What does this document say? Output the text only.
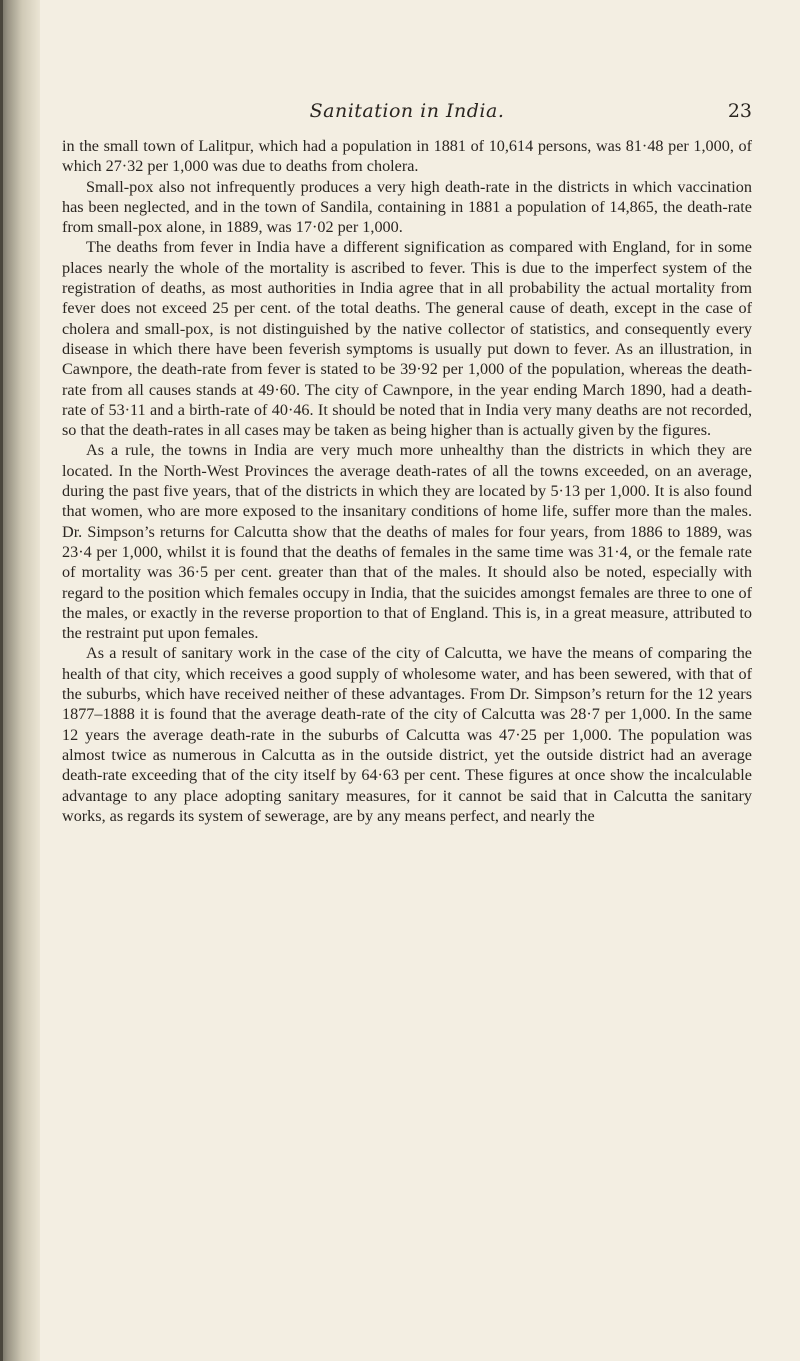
Sanitation in India.	23

in the small town of Lalitpur, which had a population in 1881 of 10,614 persons, was 81·48 per 1,000, of which 27·32 per 1,000 was due to deaths from cholera.

Small-pox also not infrequently produces a very high death-rate in the districts in which vaccination has been neglected, and in the town of Sandila, containing in 1881 a population of 14,865, the death-rate from small-pox alone, in 1889, was 17·02 per 1,000.

The deaths from fever in India have a different signification as compared with England, for in some places nearly the whole of the mortality is ascribed to fever. This is due to the imperfect system of the registration of deaths, as most authorities in India agree that in all probability the actual mortality from fever does not exceed 25 per cent. of the total deaths. The general cause of death, except in the case of cholera and small-pox, is not distinguished by the native collector of statistics, and consequently every disease in which there have been feverish symptoms is usually put down to fever. As an illustration, in Cawnpore, the death-rate from fever is stated to be 39·92 per 1,000 of the population, whereas the death-rate from all causes stands at 49·60. The city of Cawnpore, in the year ending March 1890, had a death-rate of 53·11 and a birth-rate of 40·46. It should be noted that in India very many deaths are not recorded, so that the death-rates in all cases may be taken as being higher than is actually given by the figures.

As a rule, the towns in India are very much more unhealthy than the districts in which they are located. In the North-West Provinces the average death-rates of all the towns exceeded, on an average, during the past five years, that of the districts in which they are located by 5·13 per 1,000. It is also found that women, who are more exposed to the insanitary conditions of home life, suffer more than the males. Dr. Simpson’s returns for Calcutta show that the deaths of males for four years, from 1886 to 1889, was 23·4 per 1,000, whilst it is found that the deaths of females in the same time was 31·4, or the female rate of mortality was 36·5 per cent. greater than that of the males. It should also be noted, especially with regard to the position which females occupy in India, that the suicides amongst females are three to one of the males, or exactly in the reverse proportion to that of England. This is, in a great measure, attributed to the restraint put upon females.

As a result of sanitary work in the case of the city of Calcutta, we have the means of comparing the health of that city, which receives a good supply of wholesome water, and has been sewered, with that of the suburbs, which have received neither of these advantages. From Dr. Simpson’s return for the 12 years 1877–1888 it is found that the average death-rate of the city of Calcutta was 28·7 per 1,000. In the same 12 years the average death-rate in the suburbs of Calcutta was 47·25 per 1,000. The population was almost twice as numerous in Calcutta as in the outside district, yet the outside district had an average death-rate exceeding that of the city itself by 64·63 per cent. These figures at once show the incalculable advantage to any place adopting sanitary measures, for it cannot be said that in Calcutta the sanitary works, as regards its system of sewerage, are by any means perfect, and nearly the
